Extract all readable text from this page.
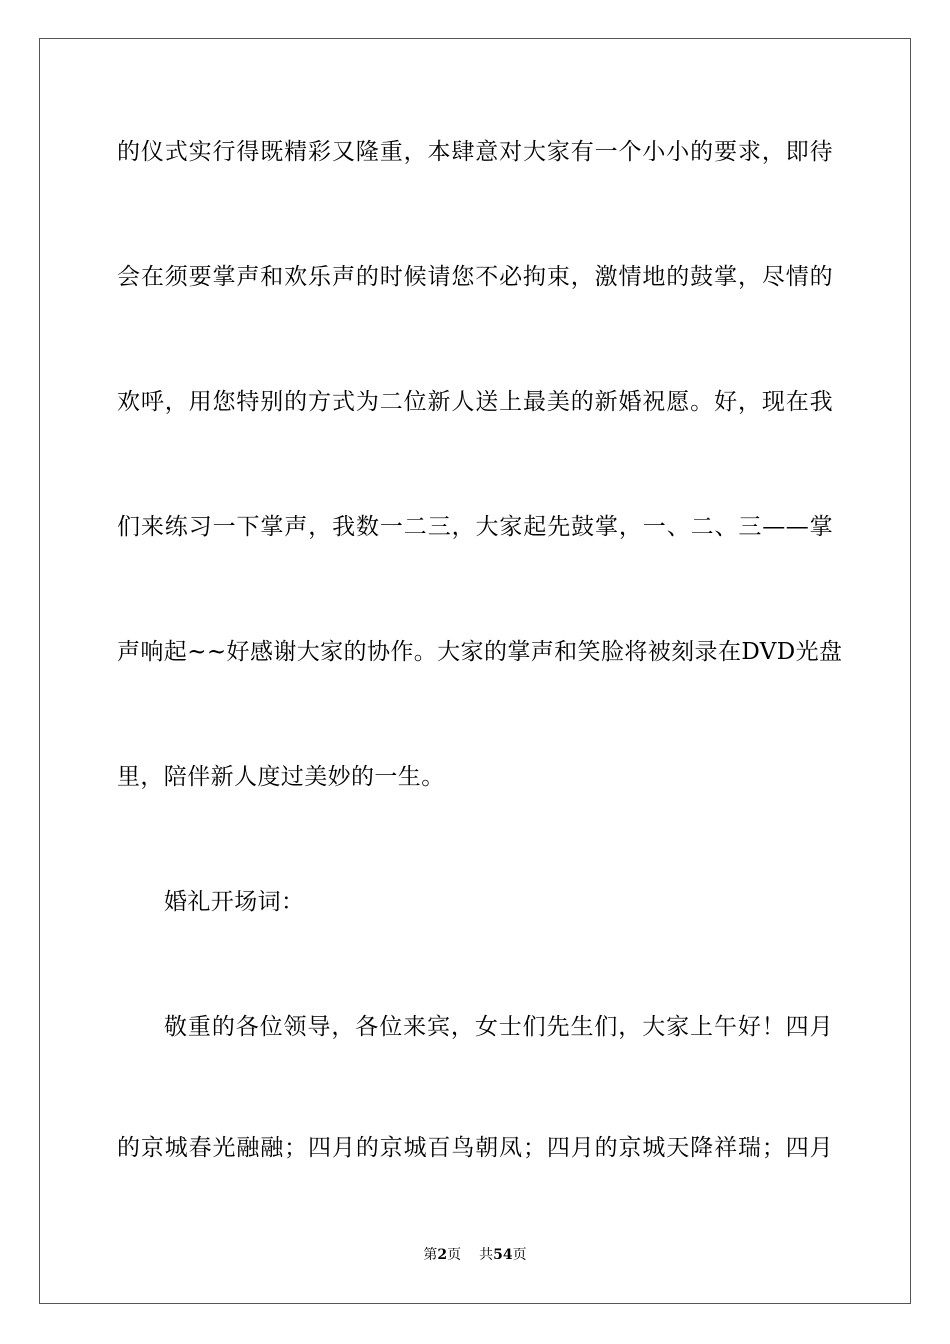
的仪式实行得既精彩又隆重，本肆意对大家有一个小小的要求，即待
会在须要掌声和欢乐声的时候请您不必拘束，激情地的鼓掌，尽情的
欢呼，用您特别的方式为二位新人送上最美的新婚祝愿。好，现在我
们来练习一下掌声，我数一二三，大家起先鼓掌，一、二、三——掌
声响起~~好感谢大家的协作。大家的掌声和笑脸将被刻录在DVD光盘
里，陪伴新人度过美妙的一生。
婚礼开场词：
敬重的各位领导，各位来宾，女士们先生们，大家上午好！四月
的京城春光融融；四月的京城百鸟朝凤；四月的京城天降祥瑞；四月
第2页 共54页
